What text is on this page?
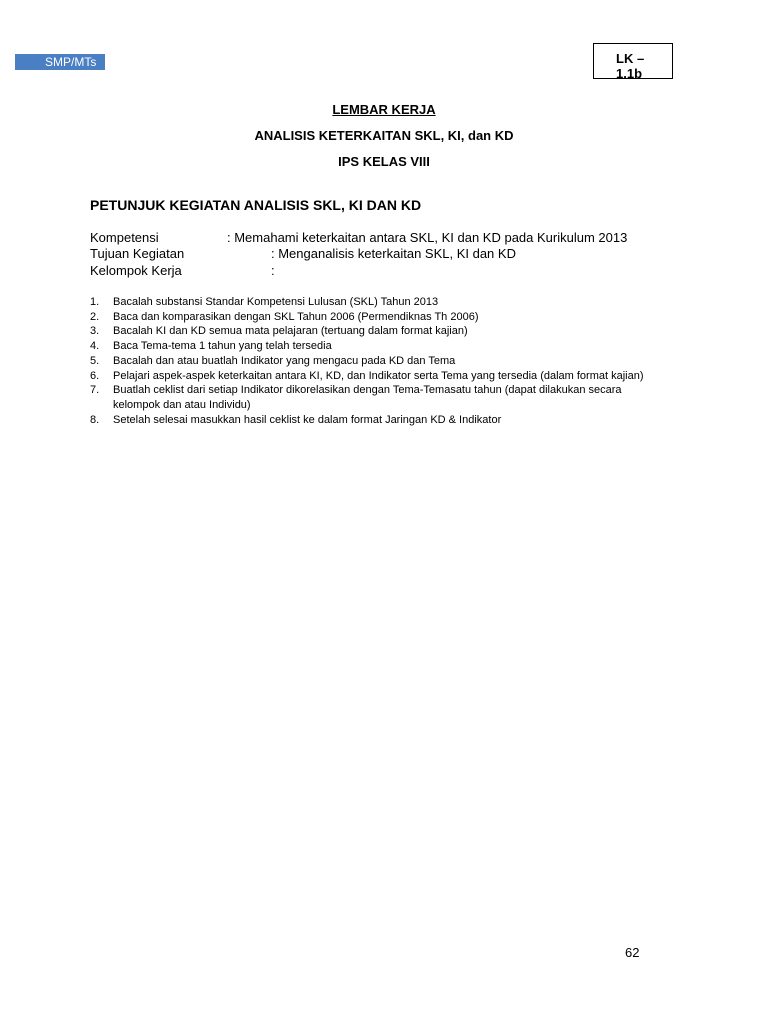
SMP/MTs	LK – 1.1b
LEMBAR KERJA
ANALISIS KETERKAITAN SKL, KI, dan KD
IPS KELAS VIII
PETUNJUK KEGIATAN ANALISIS SKL, KI DAN KD
Kompetensi	: Memahami keterkaitan antara SKL, KI dan KD pada Kurikulum 2013
Tujuan Kegiatan	: Menganalisis keterkaitan SKL, KI dan KD
Kelompok Kerja	:
1. Bacalah substansi Standar Kompetensi Lulusan (SKL) Tahun 2013
2. Baca dan komparasikan dengan SKL Tahun 2006 (Permendiknas Th 2006)
3. Bacalah KI dan KD semua mata pelajaran (tertuang dalam format kajian)
4. Baca Tema-tema 1 tahun yang telah tersedia
5. Bacalah dan atau buatlah Indikator yang mengacu pada KD dan Tema
6. Pelajari aspek-aspek keterkaitan antara KI, KD, dan Indikator serta Tema yang tersedia (dalam format kajian)
7. Buatlah ceklist dari setiap Indikator dikorelasikan dengan Tema-Temasatu tahun (dapat dilakukan secara kelompok dan atau Individu)
8. Setelah selesai masukkan hasil ceklist ke dalam format Jaringan KD & Indikator
62
